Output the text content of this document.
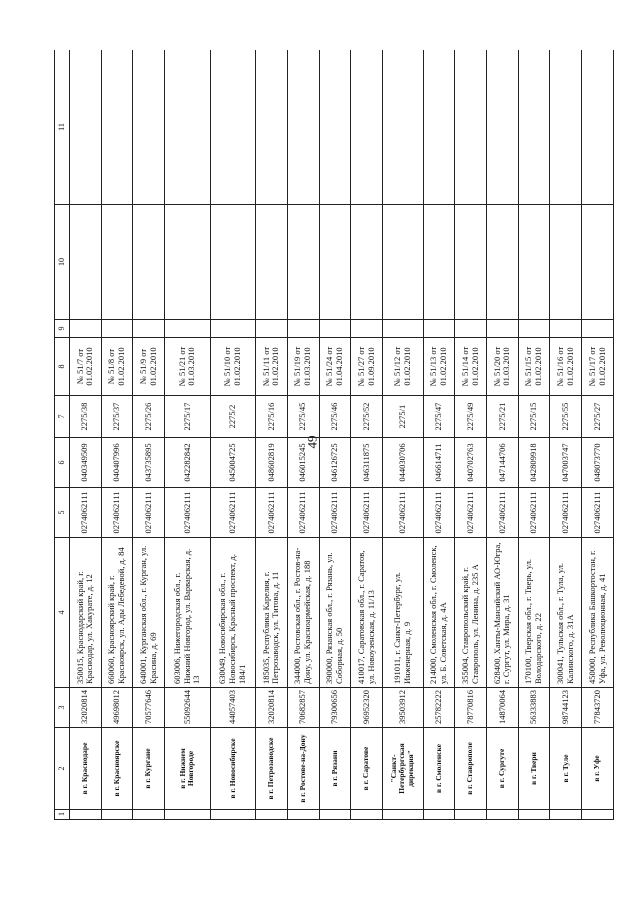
49
1	2	3	4	5	6	7	8	9	10	11
	в г. Краснодаре	32020814	350015, Краснодарский край, г. Краснодар, ул. Хакурате, д. 12	0274062111	040349509	2275/38	№ 51/7 от 01.02.2010			
	в г. Красноярске	49698012	660060, Красноярский край, г. Красноярск, ул. Ады Лебедевой, д. 84	0274062111	040407996	2275/37	№ 51/8 от 01.02.2010			
	в г. Кургане	70577646	640001, Курганская обл., г. Курган, ул. Красина, д. 69	0274062111	043735895	2275/26	№ 51/9 от 01.02.2010			
	в г. Нижнем Новгороде	55092644	603006, Нижегородская обл., г. Нижний Новгород, ул. Варварская, д. 13	0274062111	042282842	2275/17	№ 51/21 от 01.03.2010			
	в г. Новосибирске	44057403	630049, Новосибирская обл., г. Новосибирск, Красный проспект, д. 184/1	0274062111	045004725	2275/2	№ 51/10 от 01.02.2010			
	в г. Петрозаводске	32020814	185035, Республика Карелия, г. Петрозаводск, ул. Титова, д. 11	0274062111	048602819	2275/16	№ 51/11 от 01.02.2010			
	в г. Ростове-на-Дону	70682857	344000, Ростовская обл., г. Ростов-на-Дону, ул. Красноармейская, д. 188	0274062111	046015245	2275/45	№ 51/19 от 01.03.2010			
	в г. Рязани	79300656	390000, Рязанская обл., г. Рязань, ул. Соборная, д. 50	0274062111	046126725	2275/46	№ 51/24 от 01.04.2010			
	в г. Саратове	96952320	410017, Саратовская обл., г. Саратов, ул. Новоузенская, д. 11/13	0274062111	046311875	2275/52	№ 51/27 от 01.09.2010			
	"Санкт-Петербургская дирекция"	39503912	191011, г. Санкт-Петербург, ул. Инженерная, д. 9	0274062111	044030706	2275/1	№ 51/12 от 01.02.2010			
	в г. Смоленске	25782222	214000, Смоленская обл., г. Смоленск, ул. Б. Советская, д. 4А	0274062111	046614711	2275/47	№ 51/13 от 01.02.2010			
	в г. Ставрополе	78770816	355004, Ставропольский край, г. Ставрополь, ул. Ленина, д. 235 А	0274062111	040702763	2275/49	№ 51/14 от 01.02.2010			
	в г. Сургуте	14870064	628400, Ханты-Мансийский АО-Югра, г. Сургут, ул. Мира, д. 31	0274062111	047144706	2275/21	№ 51/20 от 01.03.2010			
	в г. Твери	56333883	170100, Тверская обл., г. Тверь, ул. Володарского, д. 22	0274062111	042809918	2275/15	№ 51/15 от 01.02.2010			
	в г. Туле	98744123	300041, Тульская обл., г. Тула, ул. Калинского, д. 31А	0274062111	047003747	2275/55	№ 51/16 от 01.02.2010			
	в г. Уфе	77843720	450000, Республика Башкортостан, г. Уфа, ул. Революционная, д. 41	0274062111	048073770	2275/27	№ 51/17 от 01.02.2010			
